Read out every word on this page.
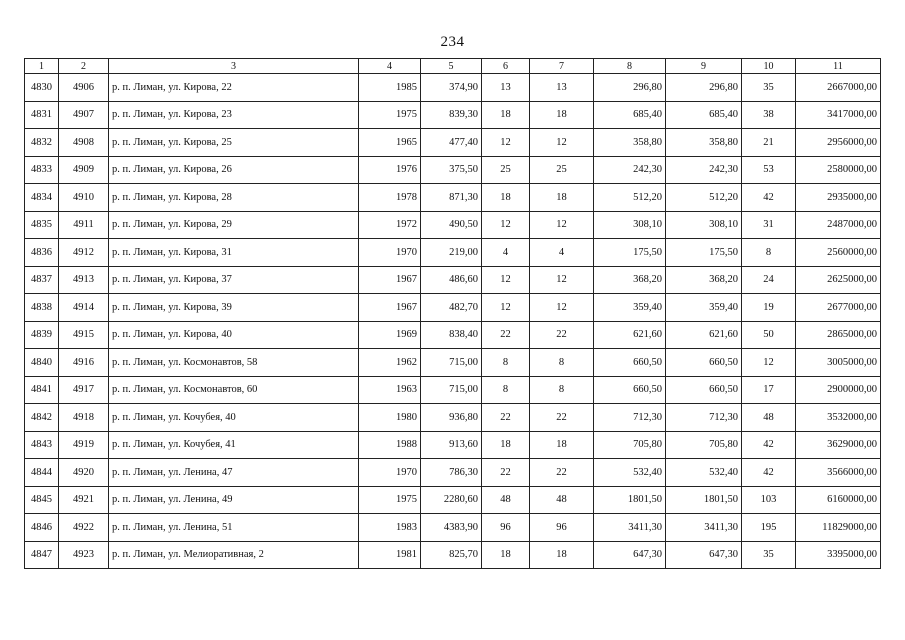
234
1	2	3	4	5	6	7	8	9	10	11
4830	4906	р. п. Лиман, ул. Кирова, 22	1985	374,90	13	13	296,80	296,80	35	2667000,00
4831	4907	р. п. Лиман, ул. Кирова, 23	1975	839,30	18	18	685,40	685,40	38	3417000,00
4832	4908	р. п. Лиман, ул. Кирова, 25	1965	477,40	12	12	358,80	358,80	21	2956000,00
4833	4909	р. п. Лиман, ул. Кирова, 26	1976	375,50	25	25	242,30	242,30	53	2580000,00
4834	4910	р. п. Лиман, ул. Кирова, 28	1978	871,30	18	18	512,20	512,20	42	2935000,00
4835	4911	р. п. Лиман, ул. Кирова, 29	1972	490,50	12	12	308,10	308,10	31	2487000,00
4836	4912	р. п. Лиман, ул. Кирова, 31	1970	219,00	4	4	175,50	175,50	8	2560000,00
4837	4913	р. п. Лиман, ул. Кирова, 37	1967	486,60	12	12	368,20	368,20	24	2625000,00
4838	4914	р. п. Лиман, ул. Кирова, 39	1967	482,70	12	12	359,40	359,40	19	2677000,00
4839	4915	р. п. Лиман, ул. Кирова, 40	1969	838,40	22	22	621,60	621,60	50	2865000,00
4840	4916	р. п. Лиман, ул. Космонавтов, 58	1962	715,00	8	8	660,50	660,50	12	3005000,00
4841	4917	р. п. Лиман, ул. Космонавтов, 60	1963	715,00	8	8	660,50	660,50	17	2900000,00
4842	4918	р. п. Лиман, ул. Кочубея, 40	1980	936,80	22	22	712,30	712,30	48	3532000,00
4843	4919	р. п. Лиман, ул. Кочубея, 41	1988	913,60	18	18	705,80	705,80	42	3629000,00
4844	4920	р. п. Лиман, ул. Ленина, 47	1970	786,30	22	22	532,40	532,40	42	3566000,00
4845	4921	р. п. Лиман, ул. Ленина, 49	1975	2280,60	48	48	1801,50	1801,50	103	6160000,00
4846	4922	р. п. Лиман, ул. Ленина, 51	1983	4383,90	96	96	3411,30	3411,30	195	11829000,00
4847	4923	р. п. Лиман, ул. Мелиоративная, 2	1981	825,70	18	18	647,30	647,30	35	3395000,00
